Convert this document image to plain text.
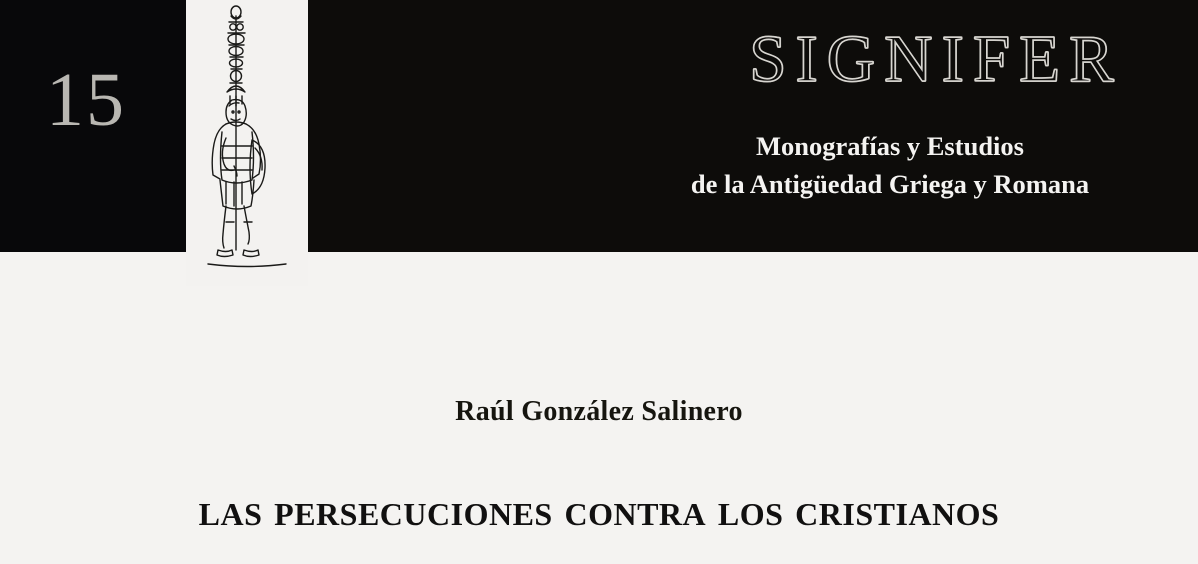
15	SIGNIFER
Monografías y Estudios
de la Antigüedad Griega y Romana
Raúl González Salinero
las persecuciones contra los cristianos
